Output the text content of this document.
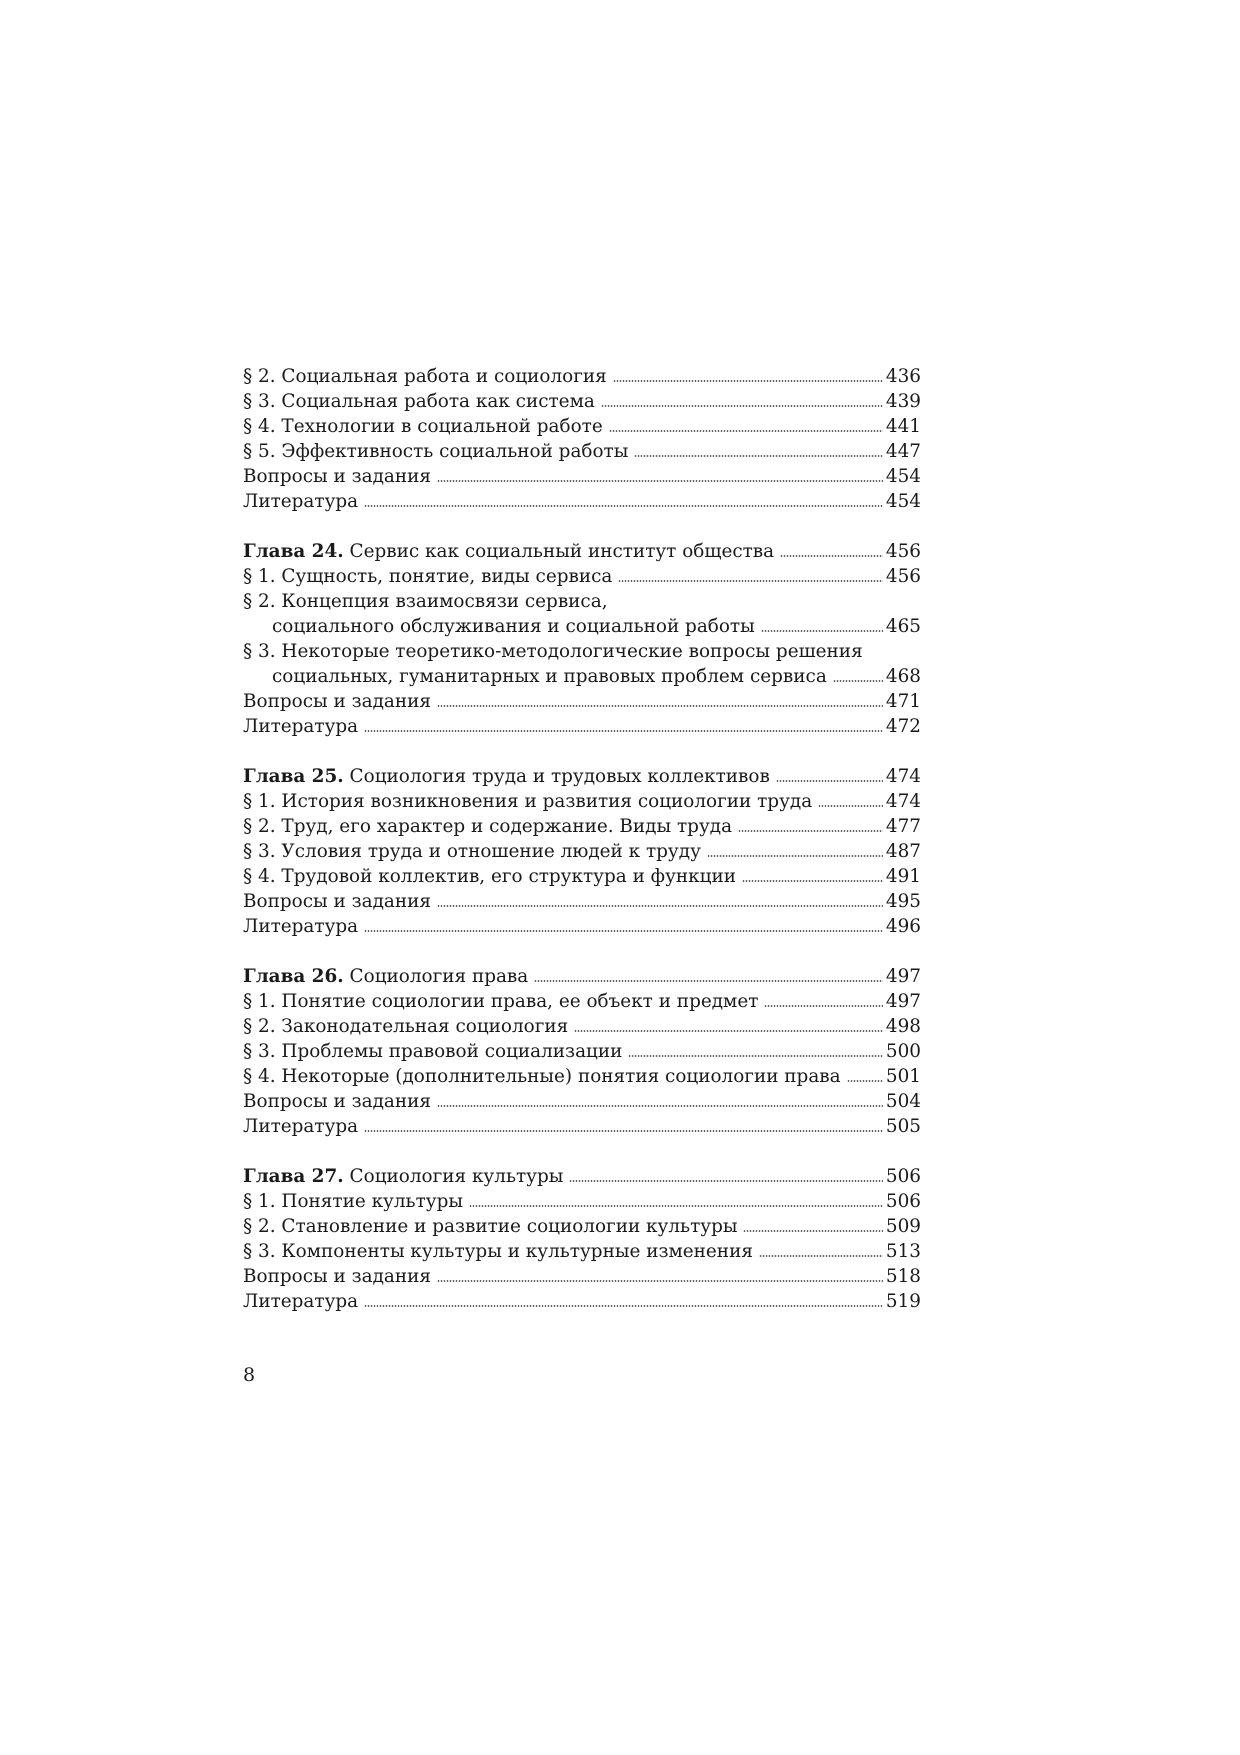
§ 2. Социальная работа и социология	436
§ 3. Социальная работа как система	439
§ 4. Технологии в социальной работе	441
§ 5. Эффективность социальной работы	447
Вопросы и задания	454
Литература	454
Глава 24. Сервис как социальный институт общества	456
§ 1. Сущность, понятие, виды сервиса	456
§ 2. Концепция взаимосвязи сервиса,
социального обслуживания и социальной работы	465
§ 3. Некоторые теоретико-методологические вопросы решения
социальных, гуманитарных и правовых проблем сервиса	468
Вопросы и задания	471
Литература	472
Глава 25. Социология труда и трудовых коллективов	474
§ 1. История возникновения и развития социологии труда	474
§ 2. Труд, его характер и содержание. Виды труда	477
§ 3. Условия труда и отношение людей к труду	487
§ 4. Трудовой коллектив, его структура и функции	491
Вопросы и задания	495
Литература	496
Глава 26. Социология права	497
§ 1. Понятие социологии права, ее объект и предмет	497
§ 2. Законодательная социология	498
§ 3. Проблемы правовой социализации	500
§ 4. Некоторые (дополнительные) понятия социологии права 501
Вопросы и задания	504
Литература	505
Глава 27. Социология культуры	506
§ 1. Понятие культуры	506
§ 2. Становление и развитие социологии культуры	509
§ 3. Компоненты культуры и культурные изменения	513
Вопросы и задания	518
Литература	519
8
